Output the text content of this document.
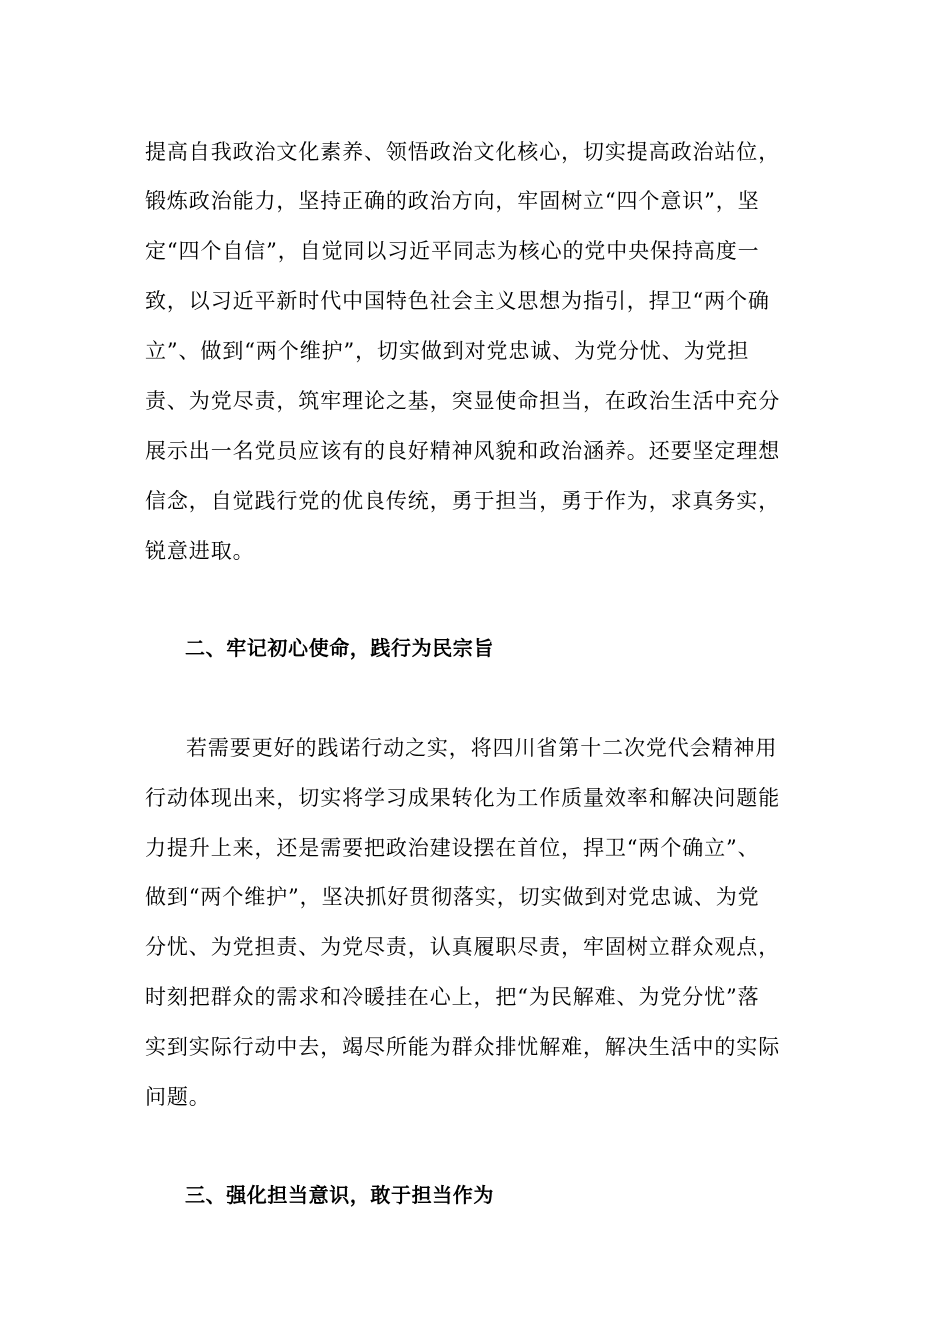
提高自我政治文化素养、领悟政治文化核心，切实提高政治站位，
锻炼政治能力，坚持正确的政治方向，牢固树立“四个意识”，坚
定“四个自信”，自觉同以习近平同志为核心的党中央保持高度一
致，以习近平新时代中国特色社会主义思想为指引，捍卫“两个确
立”、做到“两个维护”，切实做到对党忠诚、为党分忧、为党担
责、为党尽责，筑牢理论之基，突显使命担当，在政治生活中充分
展示出一名党员应该有的良好精神风貌和政治涵养。还要坚定理想
信念，自觉践行党的优良传统，勇于担当，勇于作为，求真务实，
锐意进取。
二、牢记初心使命，践行为民宗旨
若需要更好的践诺行动之实，将四川省第十二次党代会精神用
行动体现出来，切实将学习成果转化为工作质量效率和解决问题能
力提升上来，还是需要把政治建设摆在首位，捍卫“两个确立”、
做到“两个维护”，坚决抓好贯彻落实，切实做到对党忠诚、为党
分忧、为党担责、为党尽责，认真履职尽责，牢固树立群众观点，
时刻把群众的需求和冷暖挂在心上，把“为民解难、为党分忧”落
实到实际行动中去，竭尽所能为群众排忧解难，解决生活中的实际
问题。
三、强化担当意识，敢于担当作为
